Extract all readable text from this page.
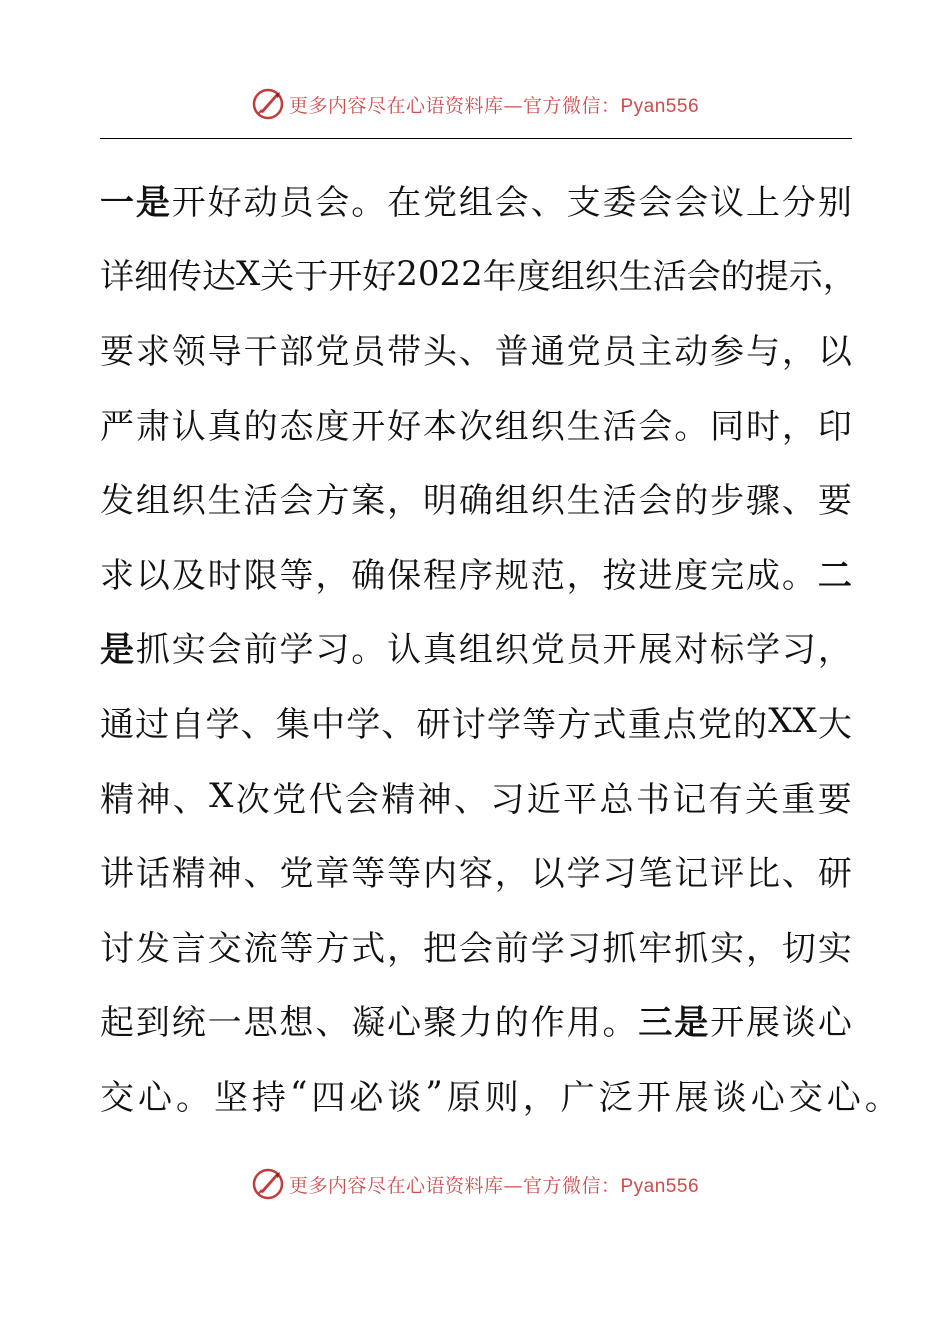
更多内容尽在心语资料库—官方微信：Pyan556
一 是 开 好 动 员 会 。 在 党 组 会 、 支 委 会 会 议 上 分 别
详 细 传 达 X 关 于 开 好 2022 年 度 组 织 生 活 会 的 提 示 ，
要 求 领 导 干 部 党 员 带 头 、 普 通 党 员 主 动 参 与 ， 以
严 肃 认 真 的 态 度 开 好 本 次 组 织 生 活 会 。 同 时 ， 印
发 组 织 生 活 会 方 案 ， 明 确 组 织 生 活 会 的 步 骤 、 要
求 以 及 时 限 等 ， 确 保 程 序 规 范 ， 按 进 度 完 成 。 二
是 抓 实 会 前 学 习 。 认 真 组 织 党 员 开 展 对 标 学 习 ，
通 过 自 学 、 集 中 学 、 研 讨 学 等 方 式 重 点 党 的 XX 大
精 神 、 X 次 党 代 会 精 神 、 习 近 平 总 书 记 有 关 重 要
讲 话 精 神 、 党 章 等 等 内 容 ， 以 学 习 笔 记 评 比 、 研
讨 发 言 交 流 等 方 式 ， 把 会 前 学 习 抓 牢 抓 实 ， 切 实
起 到 统 一 思 想 、 凝 心 聚 力 的 作 用 。 三 是 开 展 谈 心
交 心 。 坚 持 “ 四 必 谈 ” 原 则 ， 广 泛 开 展 谈 心 交 心 。
更多内容尽在心语资料库—官方微信：Pyan556
